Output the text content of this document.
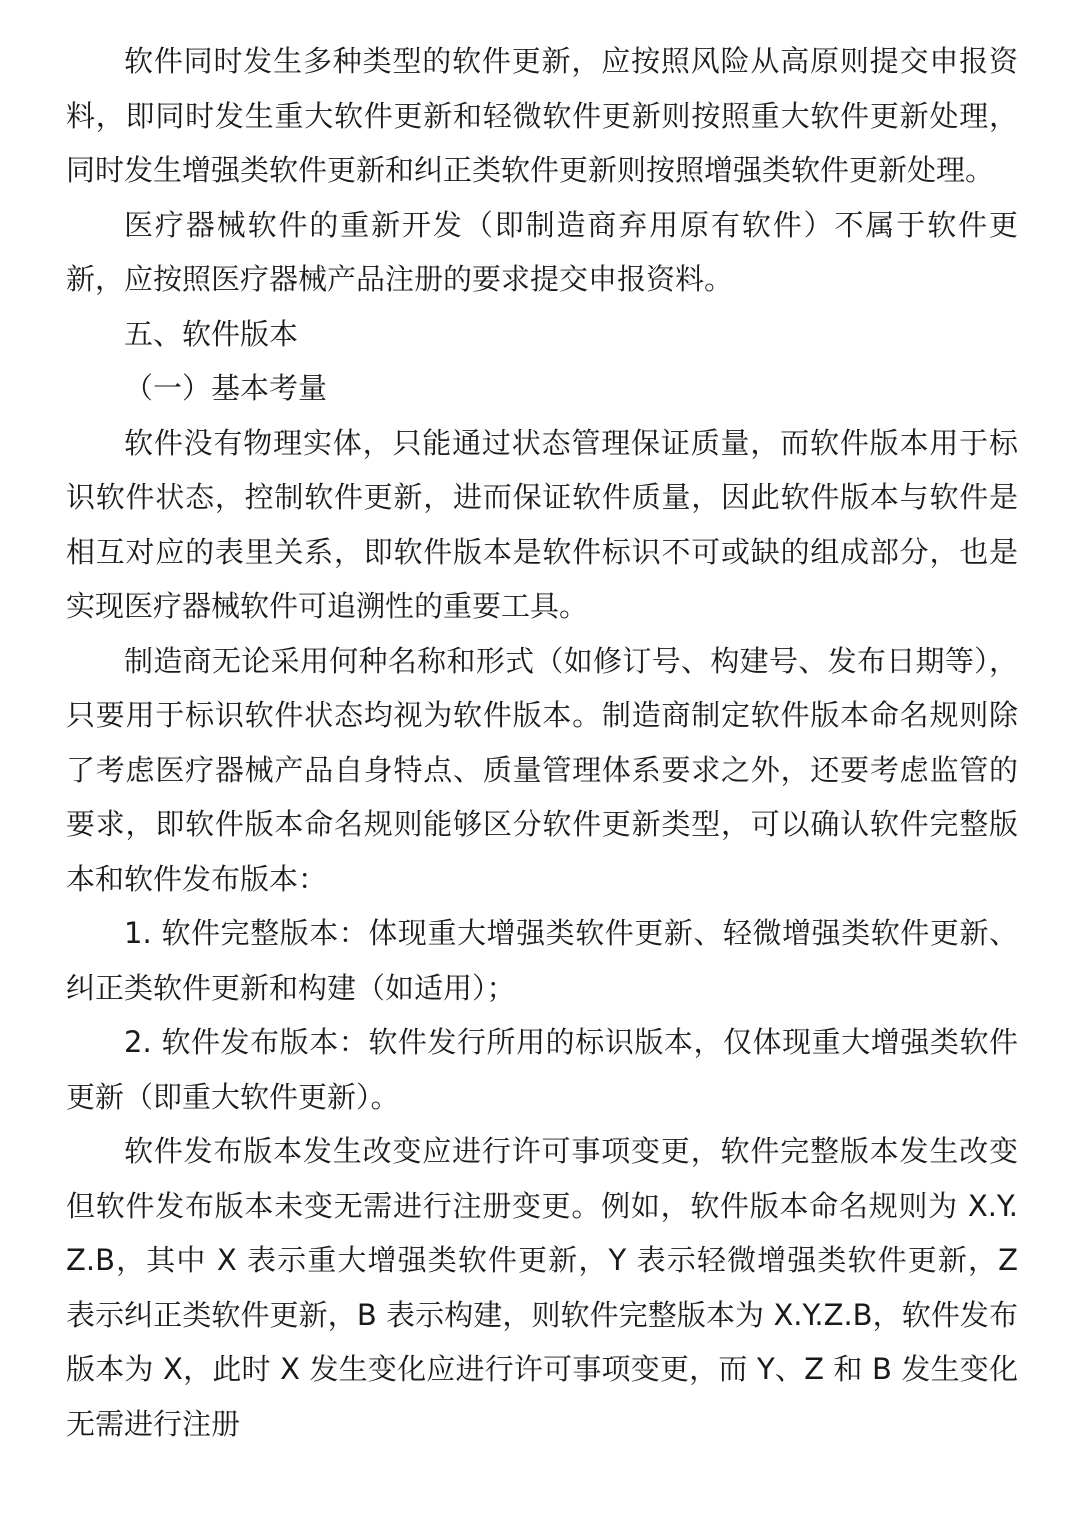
软件同时发生多种类型的软件更新，应按照风险从高原则提交申报资料，即同时发生重大软件更新和轻微软件更新则按照重大软件更新处理，同时发生增强类软件更新和纠正类软件更新则按照增强类软件更新处理。

医疗器械软件的重新开发（即制造商弃用原有软件）不属于软件更新，应按照医疗器械产品注册的要求提交申报资料。

五、软件版本

（一）基本考量

软件没有物理实体，只能通过状态管理保证质量，而软件版本用于标识软件状态，控制软件更新，进而保证软件质量，因此软件版本与软件是相互对应的表里关系，即软件版本是软件标识不可或缺的组成部分，也是实现医疗器械软件可追溯性的重要工具。

制造商无论采用何种名称和形式（如修订号、构建号、发布日期等），只要用于标识软件状态均视为软件版本。制造商制定软件版本命名规则除了考虑医疗器械产品自身特点、质量管理体系要求之外，还要考虑监管的要求，即软件版本命名规则能够区分软件更新类型，可以确认软件完整版本和软件发布版本：

1. 软件完整版本：体现重大增强类软件更新、轻微增强类软件更新、纠正类软件更新和构建（如适用）；

2. 软件发布版本：软件发行所用的标识版本，仅体现重大增强类软件更新（即重大软件更新）。

软件发布版本发生改变应进行许可事项变更，软件完整版本发生改变但软件发布版本未变无需进行注册变更。例如，软件版本命名规则为 X.Y.Z.B，其中 X 表示重大增强类软件更新，Y 表示轻微增强类软件更新，Z 表示纠正类软件更新，B 表示构建，则软件完整版本为 X.Y.Z.B，软件发布版本为 X，此时 X 发生变化应进行许可事项变更，而 Y、Z 和 B 发生变化无需进行注册
